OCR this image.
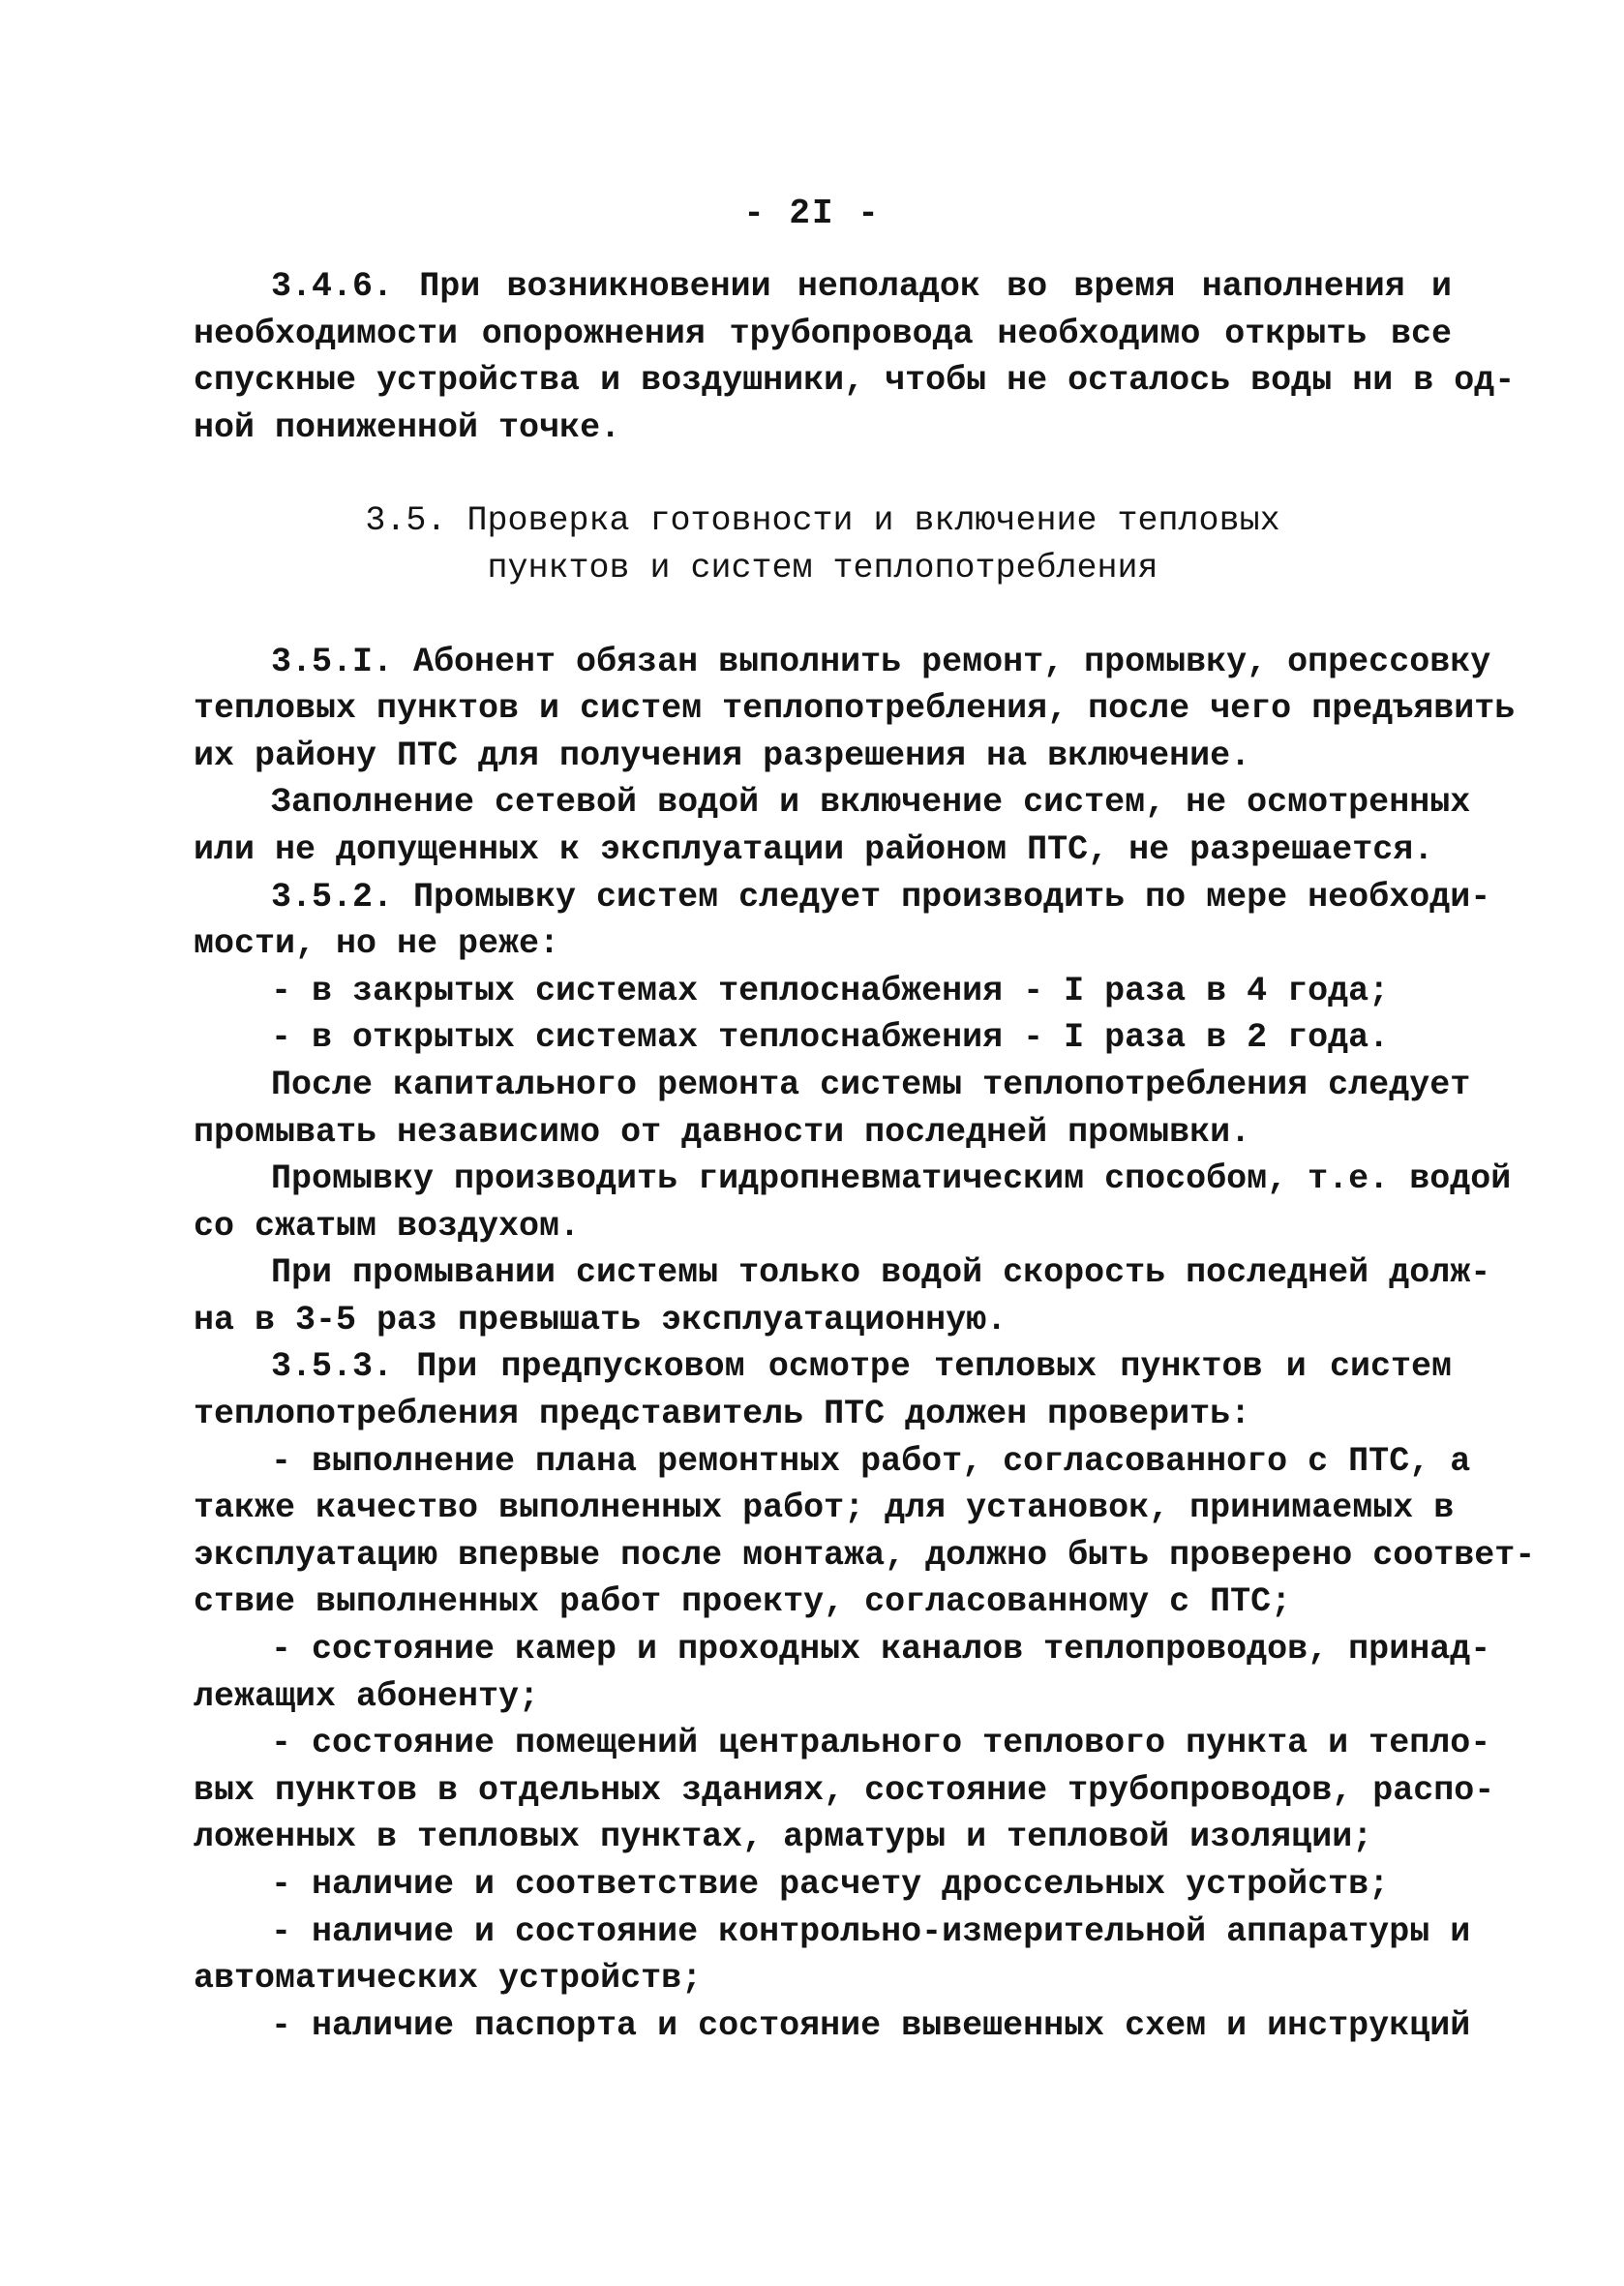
- 2I -
3.4.6. При возникновении неполадок во время наполнения и
необходимости опорожнения трубопровода необходимо открыть все
спускные устройства и воздушники, чтобы не осталось воды ни в од-
ной пониженной точке.
3.5. Проверка готовности и включение тепловых
пунктов и систем теплопотребления
3.5.I. Абонент обязан выполнить ремонт, промывку, опрессовку
тепловых пунктов и систем теплопотребления, после чего предъявить
их району ПТС для получения разрешения на включение.
Заполнение сетевой водой и включение систем, не осмотренных
или не допущенных к эксплуатации районом ПТС, не разрешается.
3.5.2. Промывку систем следует производить по мере необходи-
мости, но не реже:
- в закрытых системах теплоснабжения - I раза в 4 года;
- в открытых системах теплоснабжения - I раза в 2 года.
После капитального ремонта системы теплопотребления следует
промывать независимо от давности последней промывки.
Промывку производить гидропневматическим способом, т.е. водой
со сжатым воздухом.
При промывании системы только водой скорость последней долж-
на в 3-5 раз превышать эксплуатационную.
3.5.3. При предпусковом осмотре тепловых пунктов и систем
теплопотребления представитель ПТС должен проверить:
- выполнение плана ремонтных работ, согласованного с ПТС, а
также качество выполненных работ; для установок, принимаемых в
эксплуатацию впервые после монтажа, должно быть проверено соответ-
ствие выполненных работ проекту, согласованному с ПТС;
- состояние камер и проходных каналов теплопроводов, принад-
лежащих абоненту;
- состояние помещений центрального теплового пункта и тепло-
вых пунктов в отдельных зданиях, состояние трубопроводов, распо-
ложенных в тепловых пунктах, арматуры и тепловой изоляции;
- наличие и соответствие расчету дроссельных устройств;
- наличие и состояние контрольно-измерительной аппаратуры и
автоматических устройств;
- наличие паспорта и состояние вывешенных схем и инструкций
